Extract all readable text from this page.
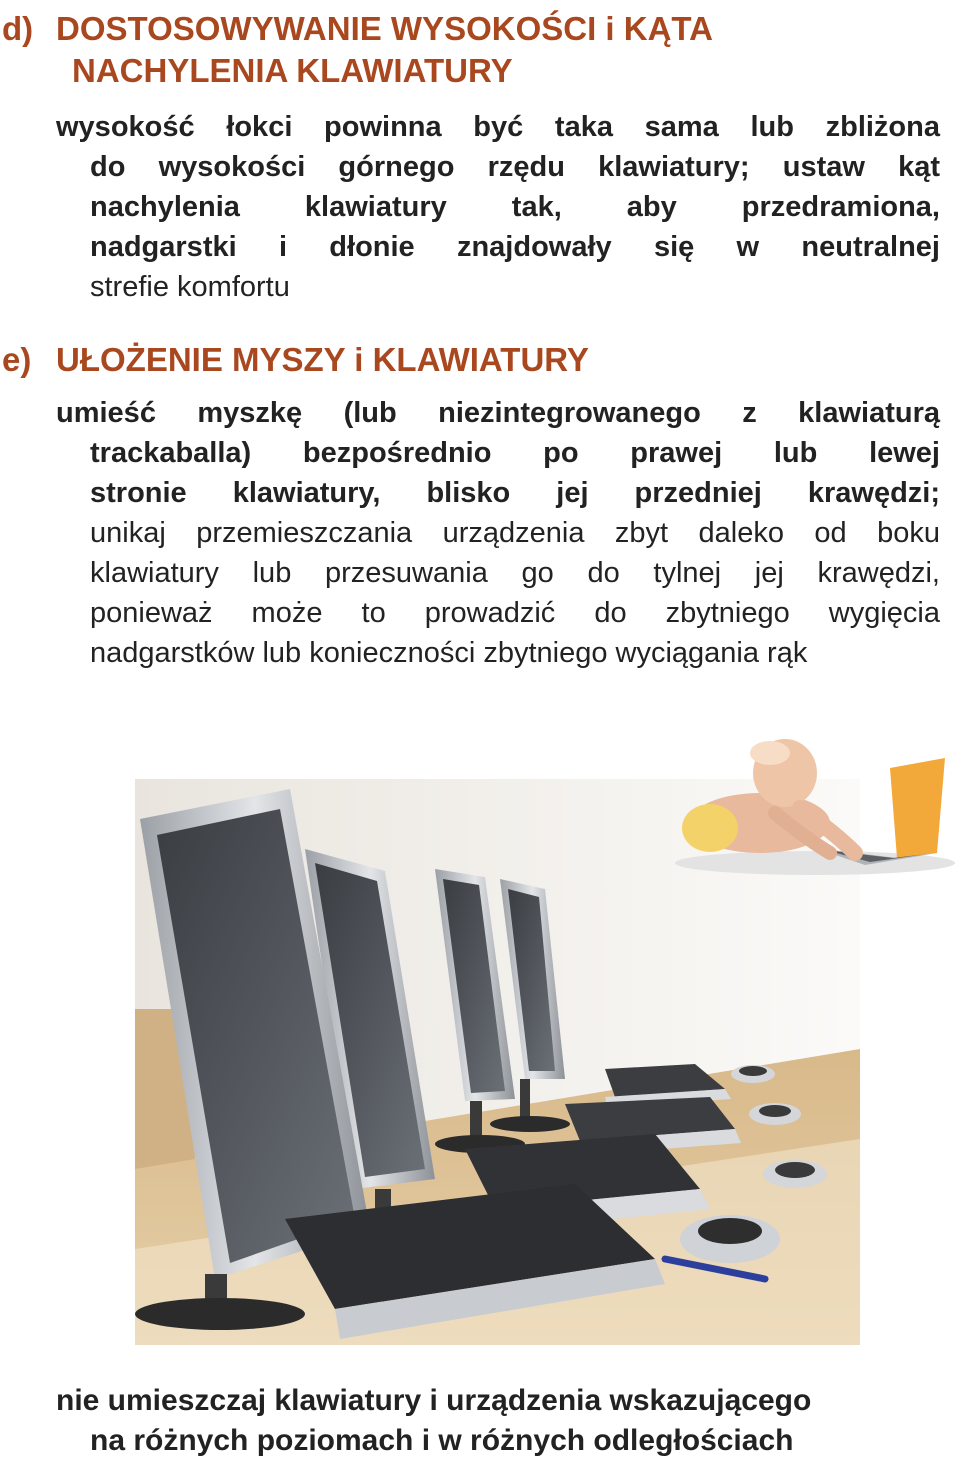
d) DOSTOSOWYWANIE WYSOKOŚCI i KĄTA
NACHYLENIA KLAWIATURY
wysokość łokci powinna być taka sama lub zbliżona
do wysokości górnego rzędu klawiatury; ustaw kąt
nachylenia klawiatury tak, aby przedramiona,
nadgarstki i dłonie znajdowały się w neutralnej
strefie komfortu
e) UŁOŻENIE MYSZY i KLAWIATURY
umieść myszkę (lub niezintegrowanego z klawiaturą
trackaballa) bezpośrednio po prawej lub lewej
stronie klawiatury, blisko jej przedniej krawędzi;
unikaj przemieszczania urządzenia zbyt daleko od boku
klawiatury lub przesuwania go do tylnej jej krawędzi,
ponieważ może to prowadzić do zbytniego wygięcia
nadgarstków lub konieczności zbytniego wyciągania rąk
nie umieszczaj klawiatury i urządzenia wskazującego
na różnych poziomach i w różnych odległościach
